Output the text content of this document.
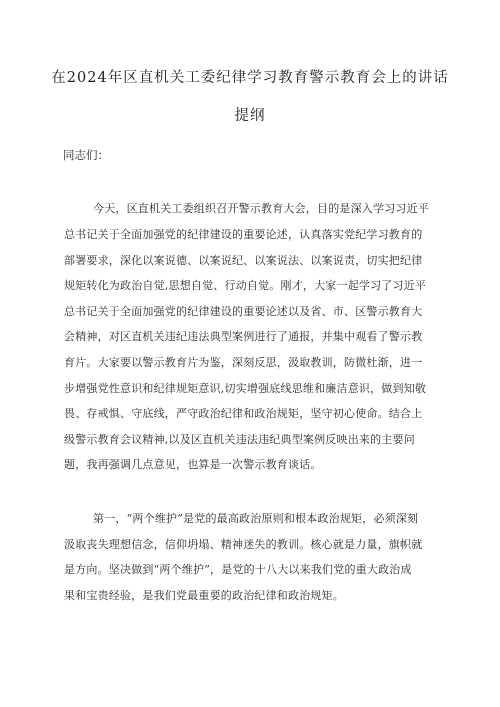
在2024年区直机关工委纪律学习教育警示教育会上的讲话
提纲
同志们：
今天，区直机关工委组织召开警示教育大会，目的是深入学习习近平
总书记关于全面加强党的纪律建设的重要论述，认真落实党纪学习教育的
部署要求，深化以案说德、以案说纪、以案说法、以案说责，切实把纪律
规矩转化为政治自觉,思想自觉、行动自觉。刚才，大家一起学习了习近平
总书记关于全面加强党的纪律建设的重要论述以及省、市、区警示教育大
会精神，对区直机关违纪违法典型案例进行了通报，并集中观看了警示教
育片。大家要以警示教育片为鉴，深刻反思，汲取教训，防微杜渐，进一
步增强党性意识和纪律规矩意识,切实增强底线思维和廉洁意识，做到知敬
畏、存戒惧、守底线，严守政治纪律和政治规矩，坚守初心使命。结合上
级警示教育会议精神,以及区直机关违法违纪典型案例反映出来的主要问
题，我再强调几点意见，也算是一次警示教育谈话。
第一，“两个维护”是党的最高政治原则和根本政治规矩，必须深刻
汲取丧失理想信念，信仰坍塌、精神迷失的教训。核心就是力量，旗帜就
是方向。坚决做到“两个维护”，是党的十八大以来我们党的重大政治成
果和宝贵经验，是我们党最重要的政治纪律和政治规矩。
